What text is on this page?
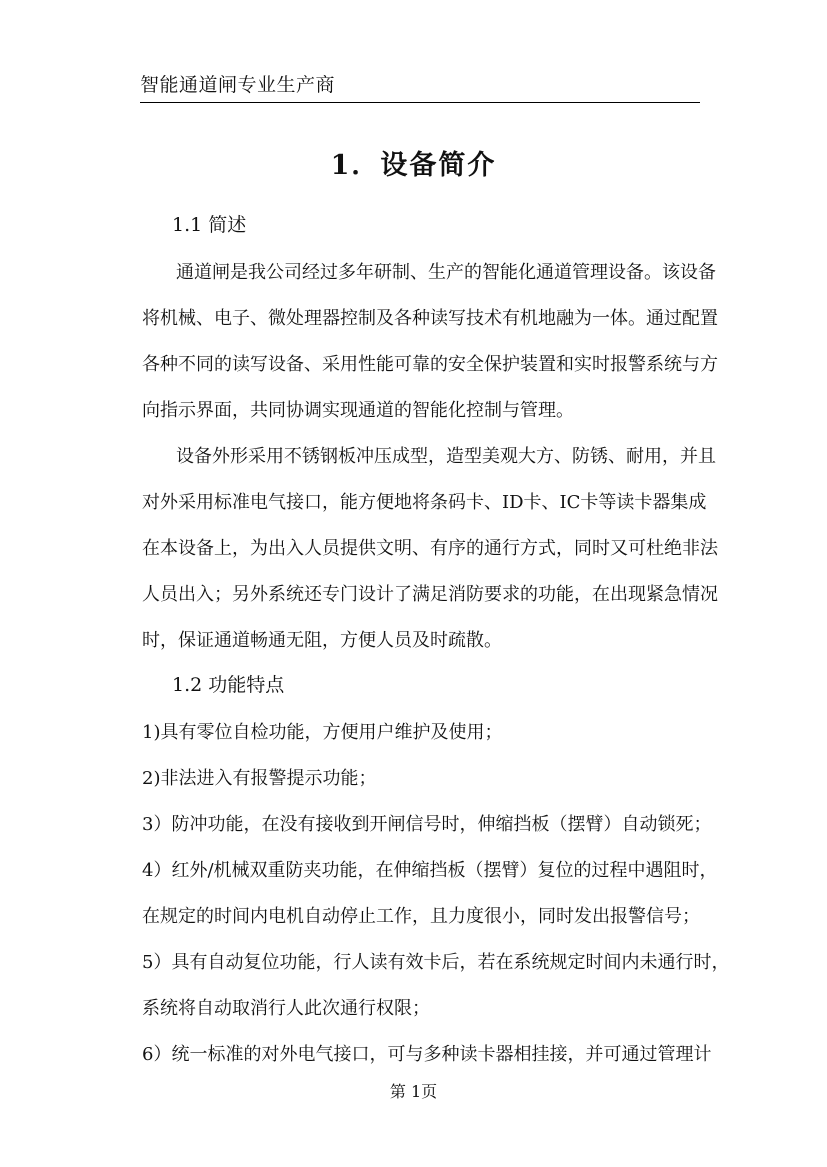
智能通道闸专业生产商
1．设备简介
1.1 简述
通道闸是我公司经过多年研制、生产的智能化通道管理设备。该设备
将机械、电子、微处理器控制及各种读写技术有机地融为一体。通过配置
各种不同的读写设备、采用性能可靠的安全保护装置和实时报警系统与方
向指示界面，共同协调实现通道的智能化控制与管理。
设备外形采用不锈钢板冲压成型，造型美观大方、防锈、耐用，并且
对外采用标准电气接口，能方便地将条码卡、ID卡、IC卡等读卡器集成
在本设备上，为出入人员提供文明、有序的通行方式，同时又可杜绝非法
人员出入；另外系统还专门设计了满足消防要求的功能，在出现紧急情况
时，保证通道畅通无阻，方便人员及时疏散。
1.2 功能特点
1)具有零位自检功能，方便用户维护及使用；
2)非法进入有报警提示功能；
3）防冲功能，在没有接收到开闸信号时，伸缩挡板（摆臂）自动锁死；
4）红外/机械双重防夹功能，在伸缩挡板（摆臂）复位的过程中遇阻时，
在规定的时间内电机自动停止工作，且力度很小，同时发出报警信号；
5）具有自动复位功能，行人读有效卡后，若在系统规定时间内未通行时，
系统将自动取消行人此次通行权限；
6）统一标准的对外电气接口，可与多种读卡器相挂接，并可通过管理计
第 1页
